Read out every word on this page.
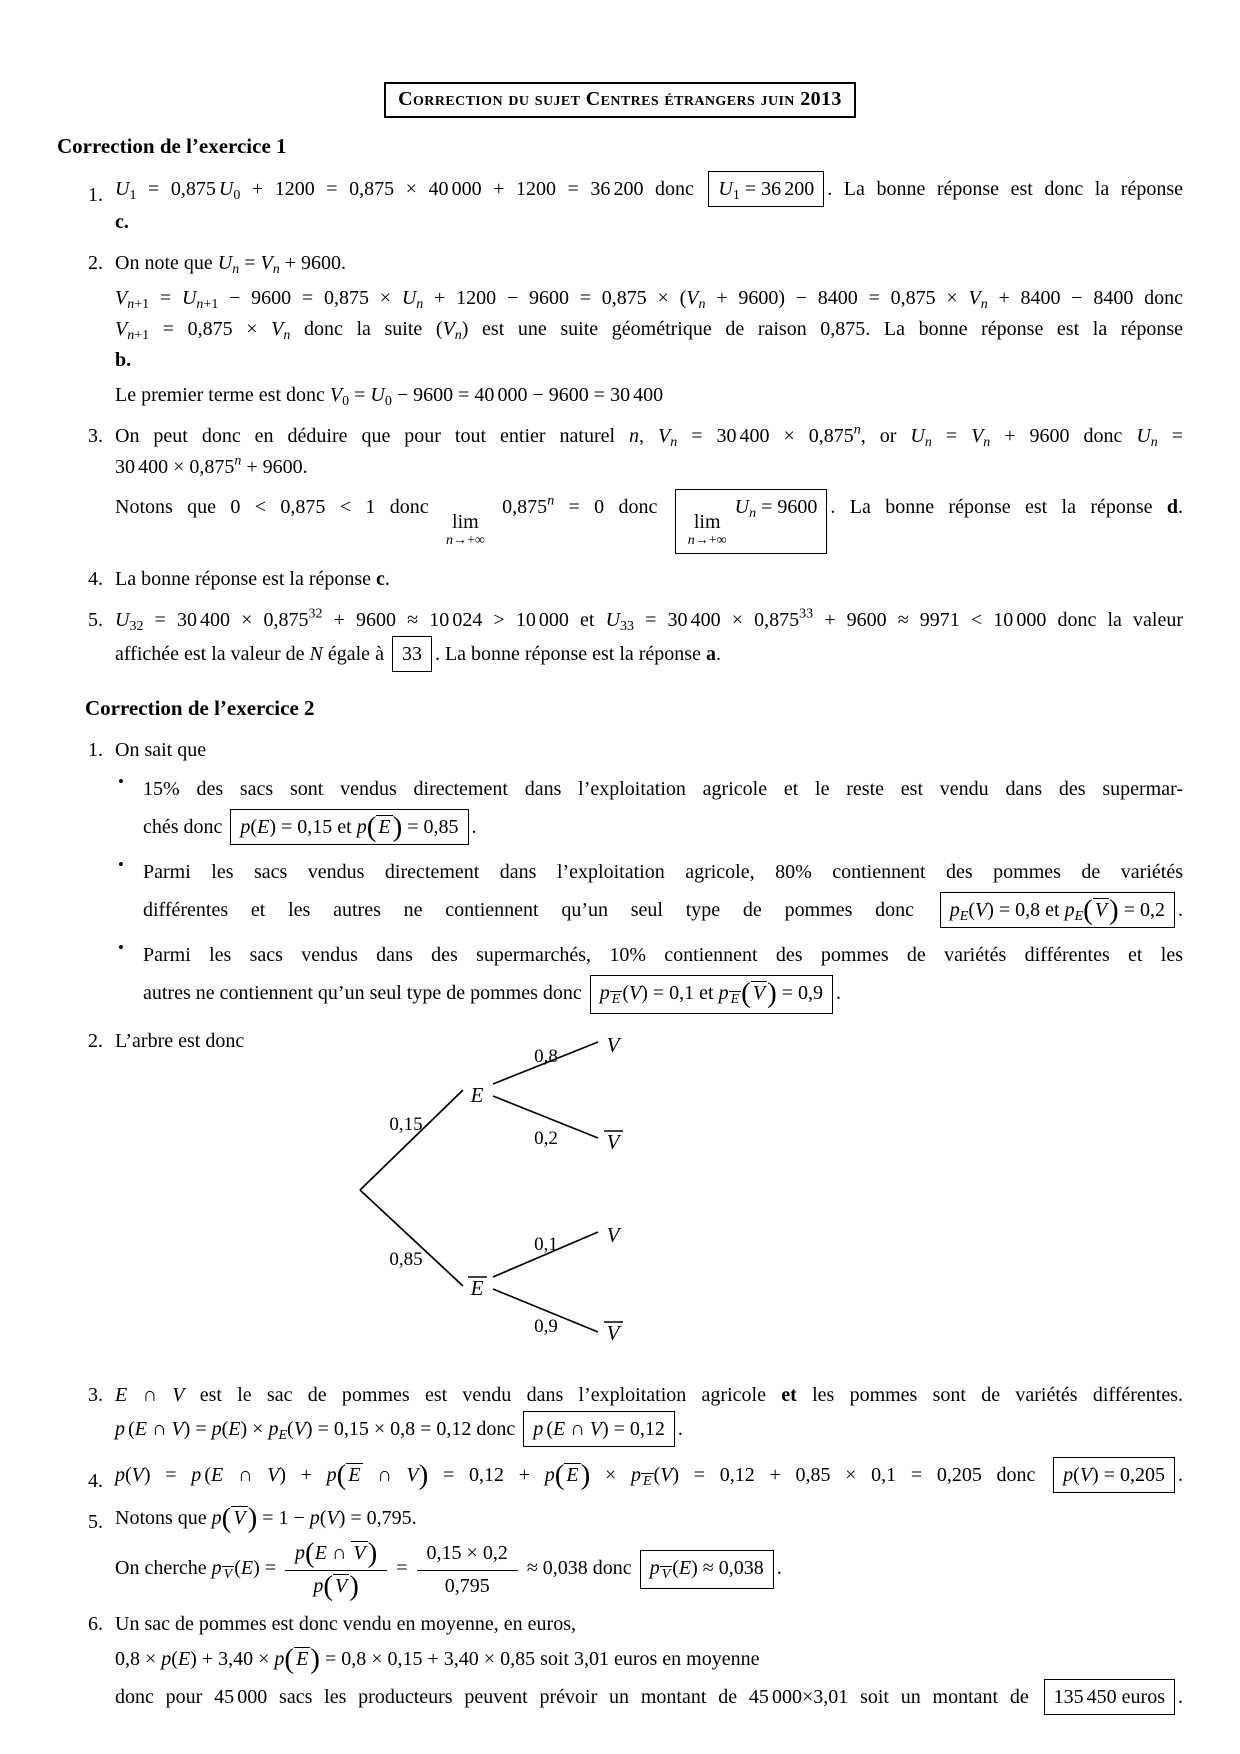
Correction du sujet Centres étrangers juin 2013
Correction de l’exercice 1
1. $U_1 = 0,875$ $U_0 + 1200 = 0,875 \times 40$ 000 + 1200 = 36 200 donc $U_1 = 36$ 200 . La bonne réponse est donc la réponse
c.
2. On note que $U_n = V_n + 9600$.
$V_{n+1} = U_{n+1} - 9600 = 0,875 \times U_n + 1200 - 9600 = 0,875 \times (V_n + 9600) - 8400 = 0,875 \times V_n + 8400 - 8400$ donc
$V_{n+1} = 0,875 \times V_n$ donc la suite $(V_n)$ est une suite géométrique de raison 0,875. La bonne réponse est la réponse
b.
Le premier terme est donc $V_0 = U_0 - 9600 = 40$ 000 − 9600 = 30 400
3. On peut donc en déduire que pour tout entier naturel n, $V_n = 30$ $400 \times 0,875^n$, or $U_n = V_n + 9600$ donc $U_n$ =
30 $400 \times 0,875^n + 9600$.
Notons que 0 < 0,875 < 1 donc
lim
n→+∞
$0,875^n = 0$ donc
lim
n→+∞
$U_n = 9600$ . La bonne réponse est la réponse d.
4. La bonne réponse est la réponse c.
5. $U_{32} = 30$ $400 \times 0,875^{32} + 9600 \approx 10$ 024 > 10 000 et $U_{33} = 30$ $400 \times 0,875^{33} + 9600 \approx 9971 < 10$ 000 donc la valeur
affichée est la valeur de N égale à 33 . La bonne réponse est la réponse a.
Correction de l’exercice 2
1. On sait que
• 15% des sacs sont vendus directement dans l’exploitation agricole et le reste est vendu dans des supermar-
chés donc p(E) = 0,15 et p( E) = 0,85 .
• Parmi les sacs vendus directement dans l’exploitation agricole, 80% contiennent des pommes de variétés
différentes et les autres ne contiennent qu’un seul type de pommes donc $p_E(V) = 0,8$ et $p_E$( V) = 0,2 .
• Parmi les sacs vendus dans des supermarchés, 10% contiennent des pommes de variétés différentes et les
autres ne contiennent qu’un seul type de pommes donc p $_E$ (V) = 0,1 et p $_E$( V) = 0,9 .
2. L’arbre est donc
E
E
V
V
V
V
0,15
0,85
0,8
0,2
0,1
0,9
3. E ∩ V est le sac de pommes est vendu dans l’exploitation agricole et les pommes sont de variétés différentes.
p (E ∩ $V) = p(E) \times p_E(V) = 0,15 \times 0,8 = 0,12$ donc p (E ∩ V) = 0,12 .
4. p(V) = p (E ∩ V) + p( E ∩ V) = 0,12 + p( E) × p $_E$ (V) = 0,12 + 0,85 × 0,1 = 0,205 donc p(V) = 0,205 .
5. Notons que p( V) = 1 − p(V) = 0,795.
On cherche p $_V$ $(E) = \frac{p(E \cap V)}{p( V)} = \frac{0,15 \times 0,2}{0,795} \approx 0,038$ donc p $_V$ (E) ≈ 0,038 .
6. Un sac de pommes est donc vendu en moyenne, en euros,
0,8 × p(E) + 3,40 × p( E) = 0,8 × 0,15 + 3,40 × 0,85 soit 3,01 euros en moyenne
donc pour 45 000 sacs les producteurs peuvent prévoir un montant de 45 000×3,01 soit un montant de 135 450 euros .
